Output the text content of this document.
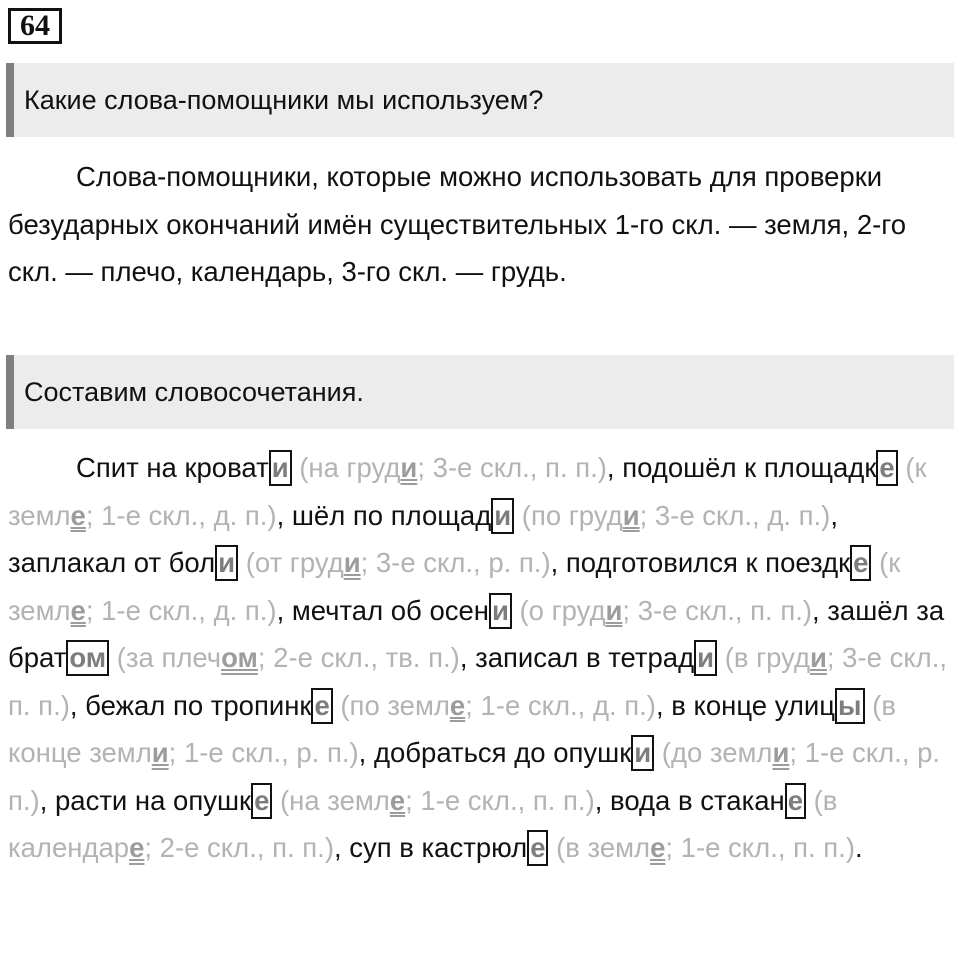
64
Какие слова-помощники мы используем?

Слова-помощники, которые можно использовать для проверки безударных окончаний имён существительных 1-го скл. — земля, 2-го скл. — плечо, календарь, 3-го скл. — грудь.

Составим словосочетания.

Спит на кроват и (на груди; 3-е скл., п. п.), подошёл к площадк е (к земле; 1-е скл., д. п.), шёл по площад и (по груди; 3-е скл., д. п.), заплакал от бол и (от груди; 3-е скл., р. п.), подготовился к поездк е (к земле; 1-е скл., д. п.), мечтал об осен и (о груди; 3-е скл., п. п.), зашёл за брат ом (за плечом; 2-е скл., тв. п.), записал в тетрад и (в груди; 3-е скл., п. п.), бежал по тропинк е (по земле; 1-е скл., д. п.), в конце улиц ы (в конце земли; 1-е скл., р. п.), добраться до опушк и (до земли; 1-е скл., р. п.), расти на опушк е (на земле; 1-е скл., п. п.), вода в стакан е (в календаре; 2-е скл., п. п.), суп в кастрюл е (в земле; 1-е скл., п. п.).
